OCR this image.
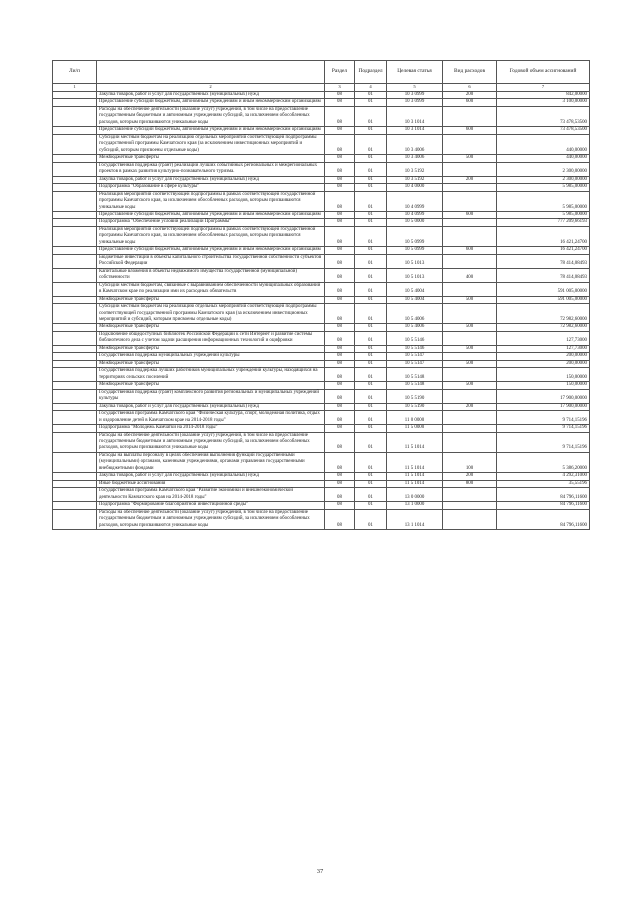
Ли/п		Раздел	Подраздел	Целевая статья	Вид расходов	Годовой объем ассигнований
1	2	3	4	5	6	7
	Закупка товаров, работ и услуг для государственных (муниципальных) нужд	08	01	10 3 0999	200	842,00000
	Предоставление субсидий бюджетным, автономным учреждениям и иным некоммерческим организациям	08	01	10 3 0999	600	3 100,00000
	Расходы на обеспечение деятельности (оказание услуг) учреждений, в том числе на предоставление государственным бюджетным и автономным учреждениям субсидий, за исключением обособленных расходов, которым присваиваются уникальные коды	08	01	10 3 1014		73 478,53500
	Предоставление субсидий бюджетным, автономным учреждениям и иным некоммерческим организациям	08	01	10 3 1014	600	73 478,53500
	Субсидии местным бюджетам на реализацию отдельных мероприятий соответствующей подпрограммы государственной программы Камчатского края (за исключением инвестиционных мероприятий и субсидий, которым присвоены отдельные коды)	08	01	10 3 4006		440,00000
	Межбюджетные трансферты	08	01	10 3 4006	500	440,00000
	Государственная поддержка (грант) реализации лучших событийных региональных и межрегиональных проектов в рамках развития культурно-познавательного туризма.	08	01	10 3 5192		2 300,00000
	Закупка товаров, работ и услуг для государственных (муниципальных) нужд	08	01	10 3 5192	200	2 300,00000
	Подпрограмма "Образование в сфере культуры"	08	01	10 4 0000		5 985,00000
	Реализация мероприятий соответствующей подпрограммы в рамках соответствующей государственной программы Камчатского края, за исключением обособленных расходов, которым присваиваются уникальные коды	08	01	10 4 0999		5 985,00000
	Предоставление субсидий бюджетным, автономным учреждениям и иным некоммерческим организациям	08	01	10 4 0999	600	5 985,00000
	Подпрограмма "Обеспечение условий реализации Программы"	08	01	10 5 0000		777 209,66193
	Реализация мероприятий соответствующей подпрограммы в рамках соответствующей государственной программы Камчатского края, за исключением обособленных расходов, которым присваиваются уникальные коды	08	01	10 5 0999		16 421,24700
	Предоставление субсидий бюджетным, автономным учреждениям и иным некоммерческим организациям	08	01	10 5 0999	600	16 421,24700
	Бюджетные инвестиции в объекты капитального строительства государственной собственности субъектов Российской Федерации	08	01	10 5 1013		78 414,08493
	Капитальные вложения в объекты недвижимого имущества государственной (муниципальной) собственности	08	01	10 5 1013	400	78 414,08493
	Субсидии местным бюджетам, связанные с выравниванием обеспеченности муниципальных образований в Камчатском крае по реализации ими их расходных обязательств	08	01	10 5 4004		591 005,00000
	Межбюджетные трансферты	08	01	10 5 4004	500	591 005,00000
	Субсидии местным бюджетам на реализацию отдельных мероприятий соответствующей подпрограммы соответствующей государственной программы Камчатского края (за исключением инвестиционных мероприятий и субсидий, которым присвоены отдельные коды)	08	01	10 5 4006		72 982,60000
	Межбюджетные трансферты	08	01	10 5 4006	500	72 982,60000
	Подключение общедоступных библиотек Российской Федерации к сети Интернет и развитие системы библиотечного дела с учетом задачи расширения информационных технологий и оцифровки	08	01	10 5 5146		127,73000
	Межбюджетные трансферты	08	01	10 5 5146	500	127,73000
	Государственная поддержка муниципальных учреждений культуры	08	01	10 5 5147		200,00000
	Межбюджетные трансферты	08	01	10 5 5147	500	200,00000
	Государственная поддержка лучших работников муниципальных учреждений культуры, находящихся на территориях сельских поселений	08	01	10 5 5148		150,00000
	Межбюджетные трансферты	08	01	10 5 5148	500	150,00000
	Государственная поддержка (грант) комплексного развития региональных и муниципальных учреждений культуры	08	01	10 5 5190		17 900,00000
	Закупка товаров, работ и услуг для государственных (муниципальных) нужд	08	01	10 5 5190	200	17 900,00000
	Государственная программа Камчатского края "Физическая культура, спорт, молодежная политика, отдых и оздоровление детей в Камчатском крае на 2014-2018 годы"	08	01	11 0 0000		9 714,15196
	Подпрограмма "Молодежь Камчатки на 2014-2018 годы"	08	01	11 5 0000		9 714,15196
	Расходы на обеспечение деятельности (оказание услуг) учреждений, в том числе на предоставление государственным бюджетным и автономным учреждениям субсидий, за исключением обособленных расходов, которым присваиваются уникальные коды	08	01	11 5 1014		9 714,15196
	Расходы на выплаты персоналу в целях обеспечения выполнения функций государственными (муниципальными) органами, казенными учреждениями, органами управления государственными внебюджетными фондами	08	01	11 5 1014	100	5 386,20000
	Закупка товаров, работ и услуг для государственных (муниципальных) нужд	08	01	11 5 1014	200	4 292,31000
	Иные бюджетные ассигнования	08	01	11 5 1014	800	35,55196
	Государственная программа Камчатского края "Развитие экономики и внешнеэкономической деятельности Камчатского края на 2014-2018 годы"	08	01	13 0 0000		84 796,11600
	Подпрограмма "Формирование благоприятной инвестиционной среды"	08	01	13 1 0000		84 796,11600
	Расходы на обеспечение деятельности (оказание услуг) учреждений, в том числе на предоставление государственным бюджетным и автономным учреждениям субсидий, за исключением обособленных расходов, которым присваиваются уникальные коды	08	01	13 1 1014		84 796,11600
37
